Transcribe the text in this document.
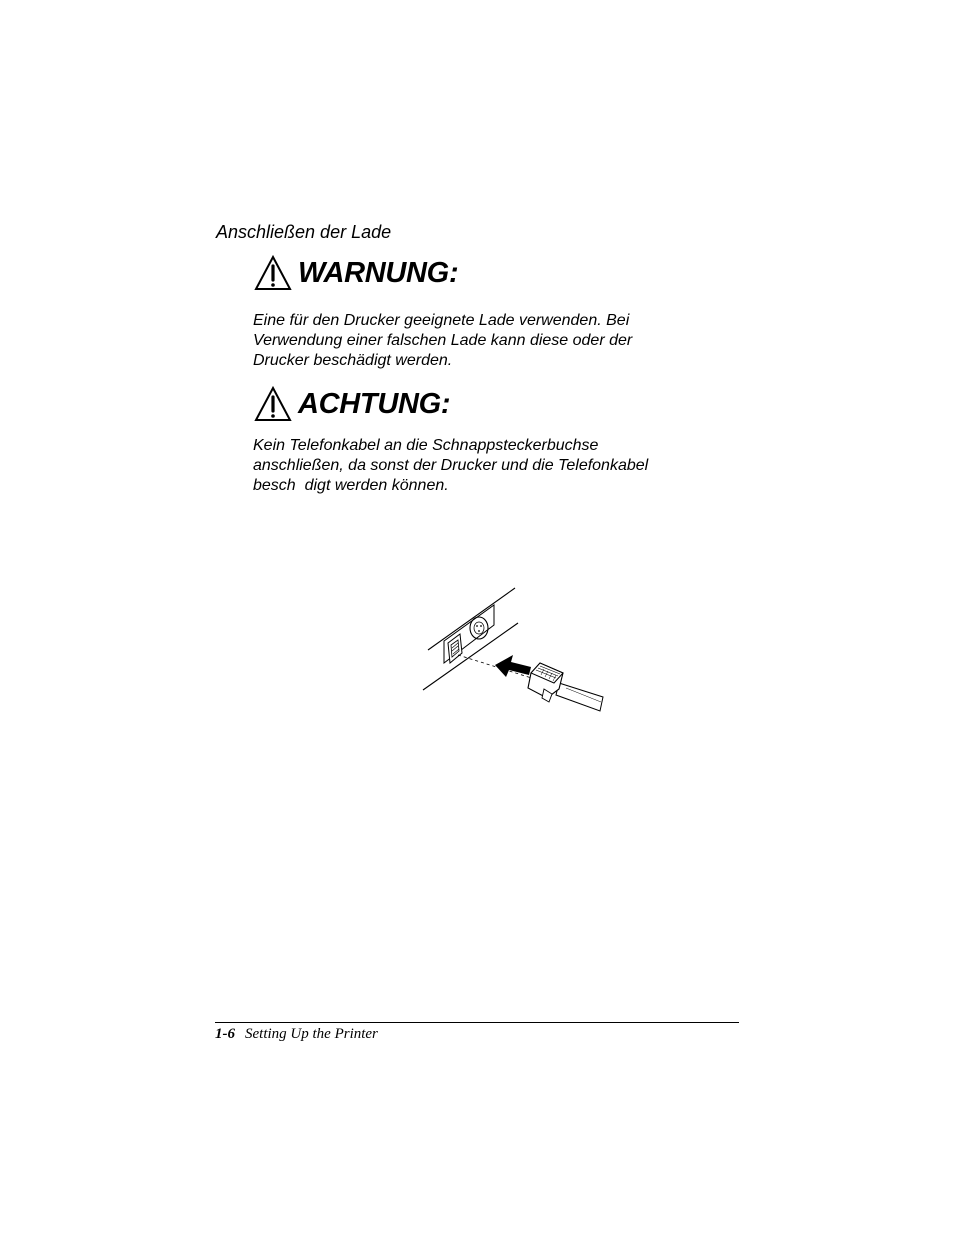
Anschließen der Lade
WARNUNG:
Eine für den Drucker geeignete Lade verwenden. Bei
Verwendung einer falschen Lade kann diese oder der
Drucker beschädigt werden.
ACHTUNG:
Kein Telefonkabel an die Schnappsteckerbuchse
anschließen, da sonst der Drucker und die Telefonkabel
besch  digt werden können.
1-6 Setting Up the Printer
